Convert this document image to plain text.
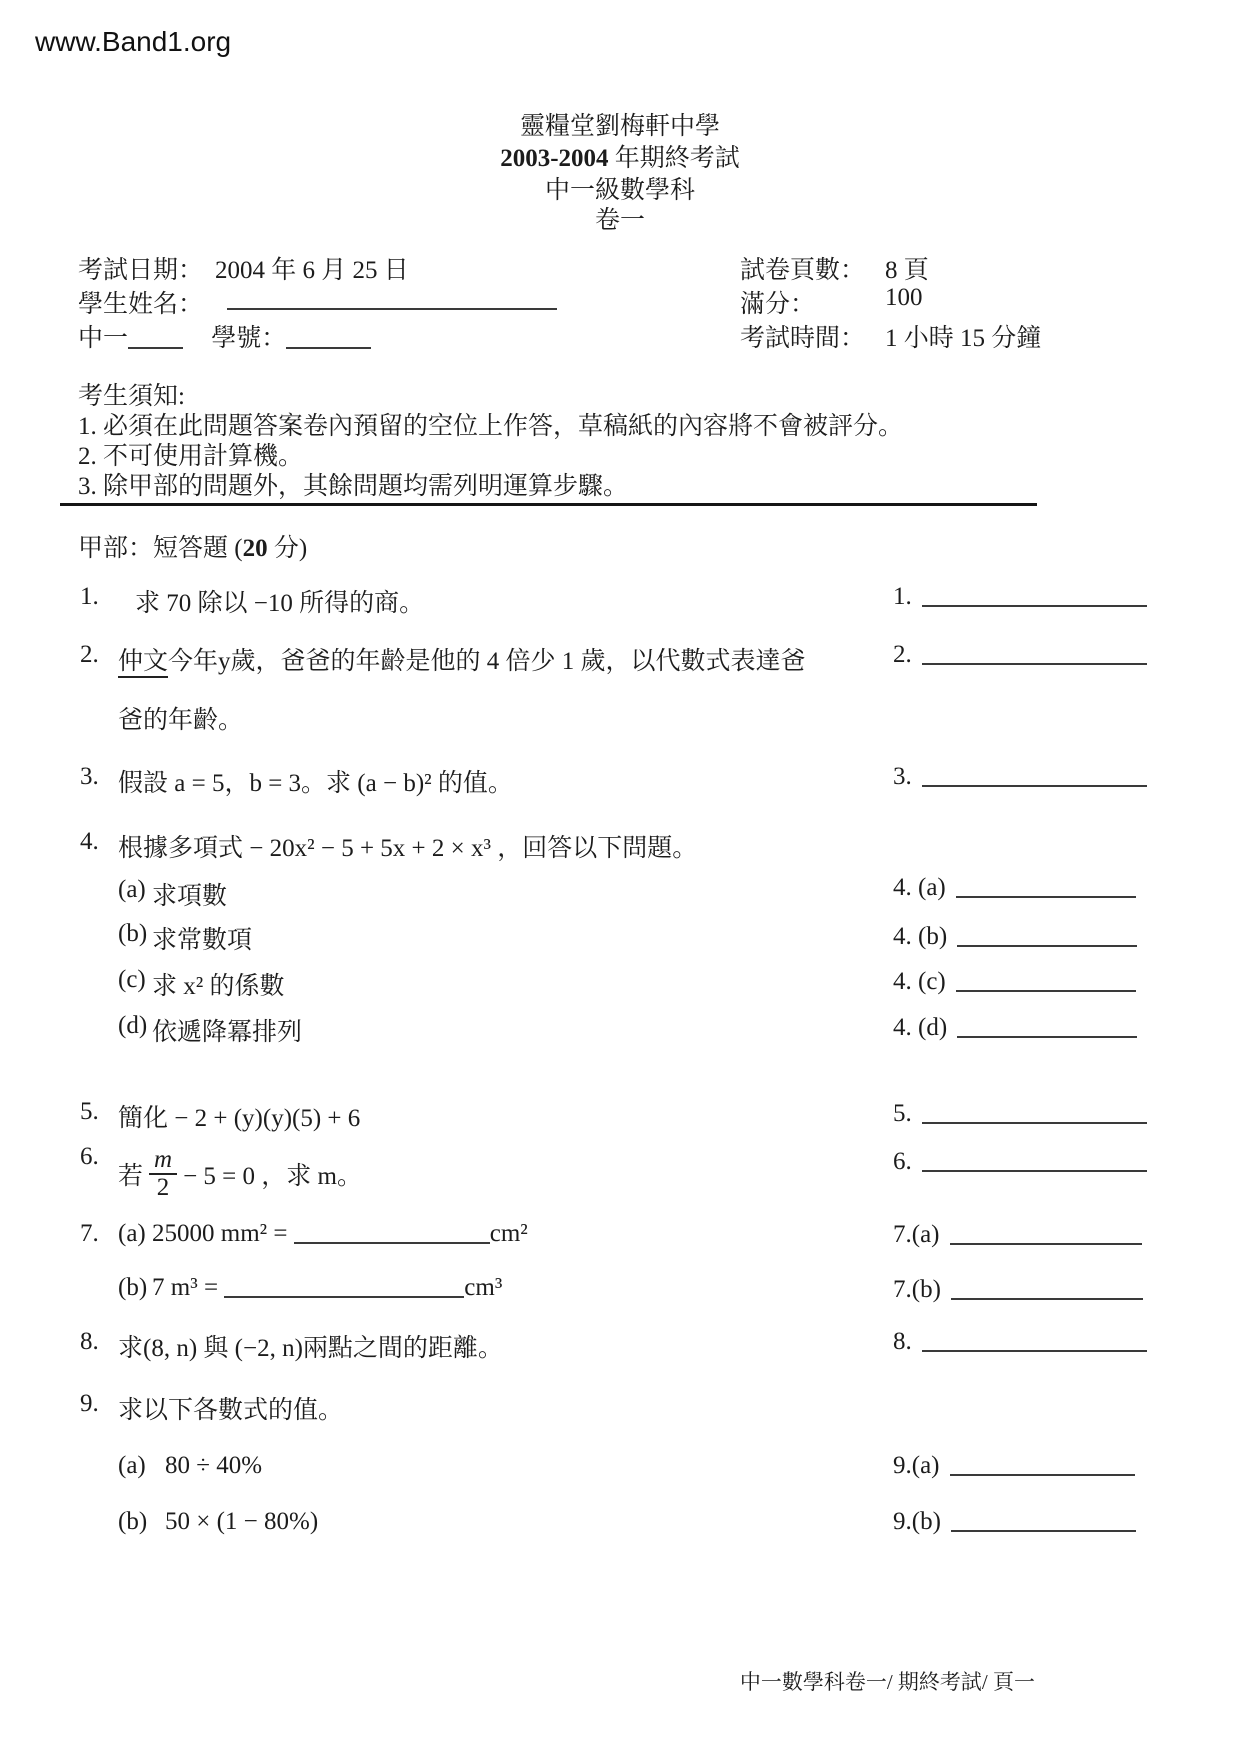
www.Band1.org
靈糧堂劉梅軒中學
2003-2004 年期終考試
中一級數學科
卷一
考試日期： 2004 年 6 月 25 日
學生姓名：
中一	學號：
試卷頁數： 8 頁
滿分：	100
考試時間： 1 小時 15 分鐘
考生須知:
1. 必須在此問題答案卷內預留的空位上作答，草稿紙的內容將不會被評分。
2. 不可使用計算機。
3. 除甲部的問題外，其餘問題均需列明運算步驟。
甲部：短答題 (20 分)
1. 求 70 除以 −10 所得的商。
2. 仲文今年y歲，爸爸的年齡是他的 4 倍少 1 歲，以代數式表達爸
爸的年齡。
3. 假設 a = 5，b = 3。求 (a − b)² 的值。
4. 根據多項式 − 20x² − 5 + 5x + 2 × x³ ，回答以下問題。
(a) 求項數
(b) 求常數項
(c) 求 x² 的係數
(d) 依遞降冪排列
5. 簡化 − 2 + (y)(y)(5) + 6
6.
若 $\frac{m}{2} - 5 = 0$ ，求 m。
7. (a) 25000 mm² =	cm²
(b) 7 m³ =	cm³
8. 求(8, n) 與 (−2, n)兩點之間的距離。
9. 求以下各數式的值。
(a) 80 ÷ 40%
(b) 50 × (1 − 80%)
1.
2.
3.
4. (a)
4. (b)
4. (c)
4. (d)
5.
6.
7.(a)
7.(b)
8.
9.(a)
9.(b)
中一數學科卷一/ 期終考試/ 頁一
